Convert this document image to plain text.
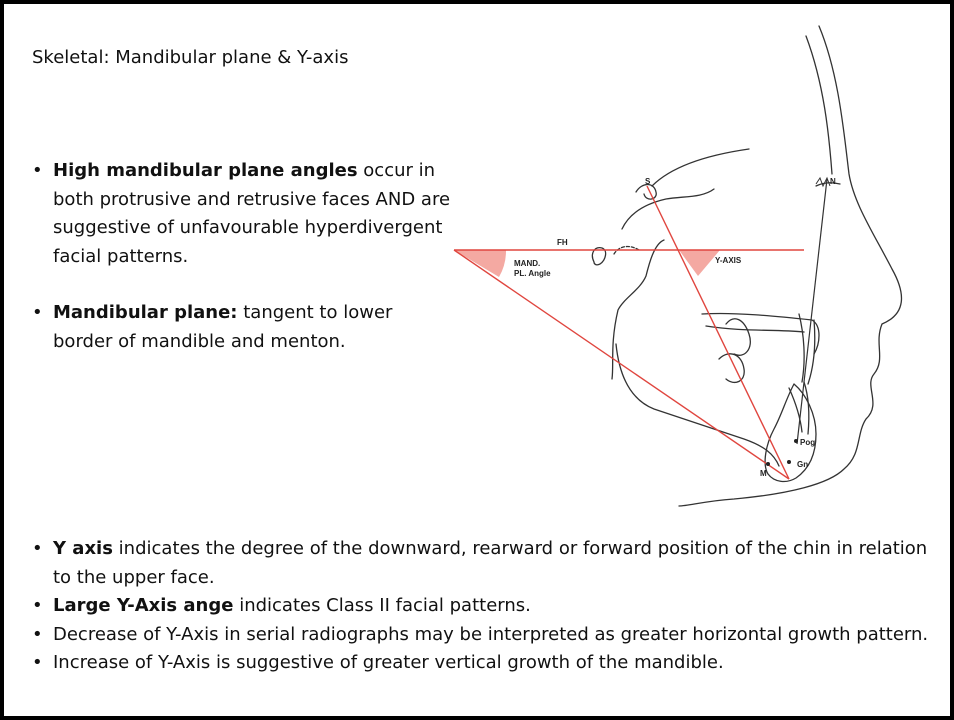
Skeletal: Mandibular plane & Y-axis
• High mandibular plane angles occur in both protrusive and retrusive faces AND are suggestive of unfavourable hyperdivergent facial patterns.
• Mandibular plane: tangent to lower border of mandible and menton.
S	N
FH
MAND.
PL. Angle
Y-AXIS
Pog
Gn
M
• Y axis indicates the degree of the downward, rearward or forward position of the chin in relation to the upper face.
• Large Y-Axis ange indicates Class II facial patterns.
• Decrease of Y-Axis in serial radiographs may be interpreted as greater horizontal growth pattern.
• Increase of Y-Axis is suggestive of greater vertical growth of the mandible.
